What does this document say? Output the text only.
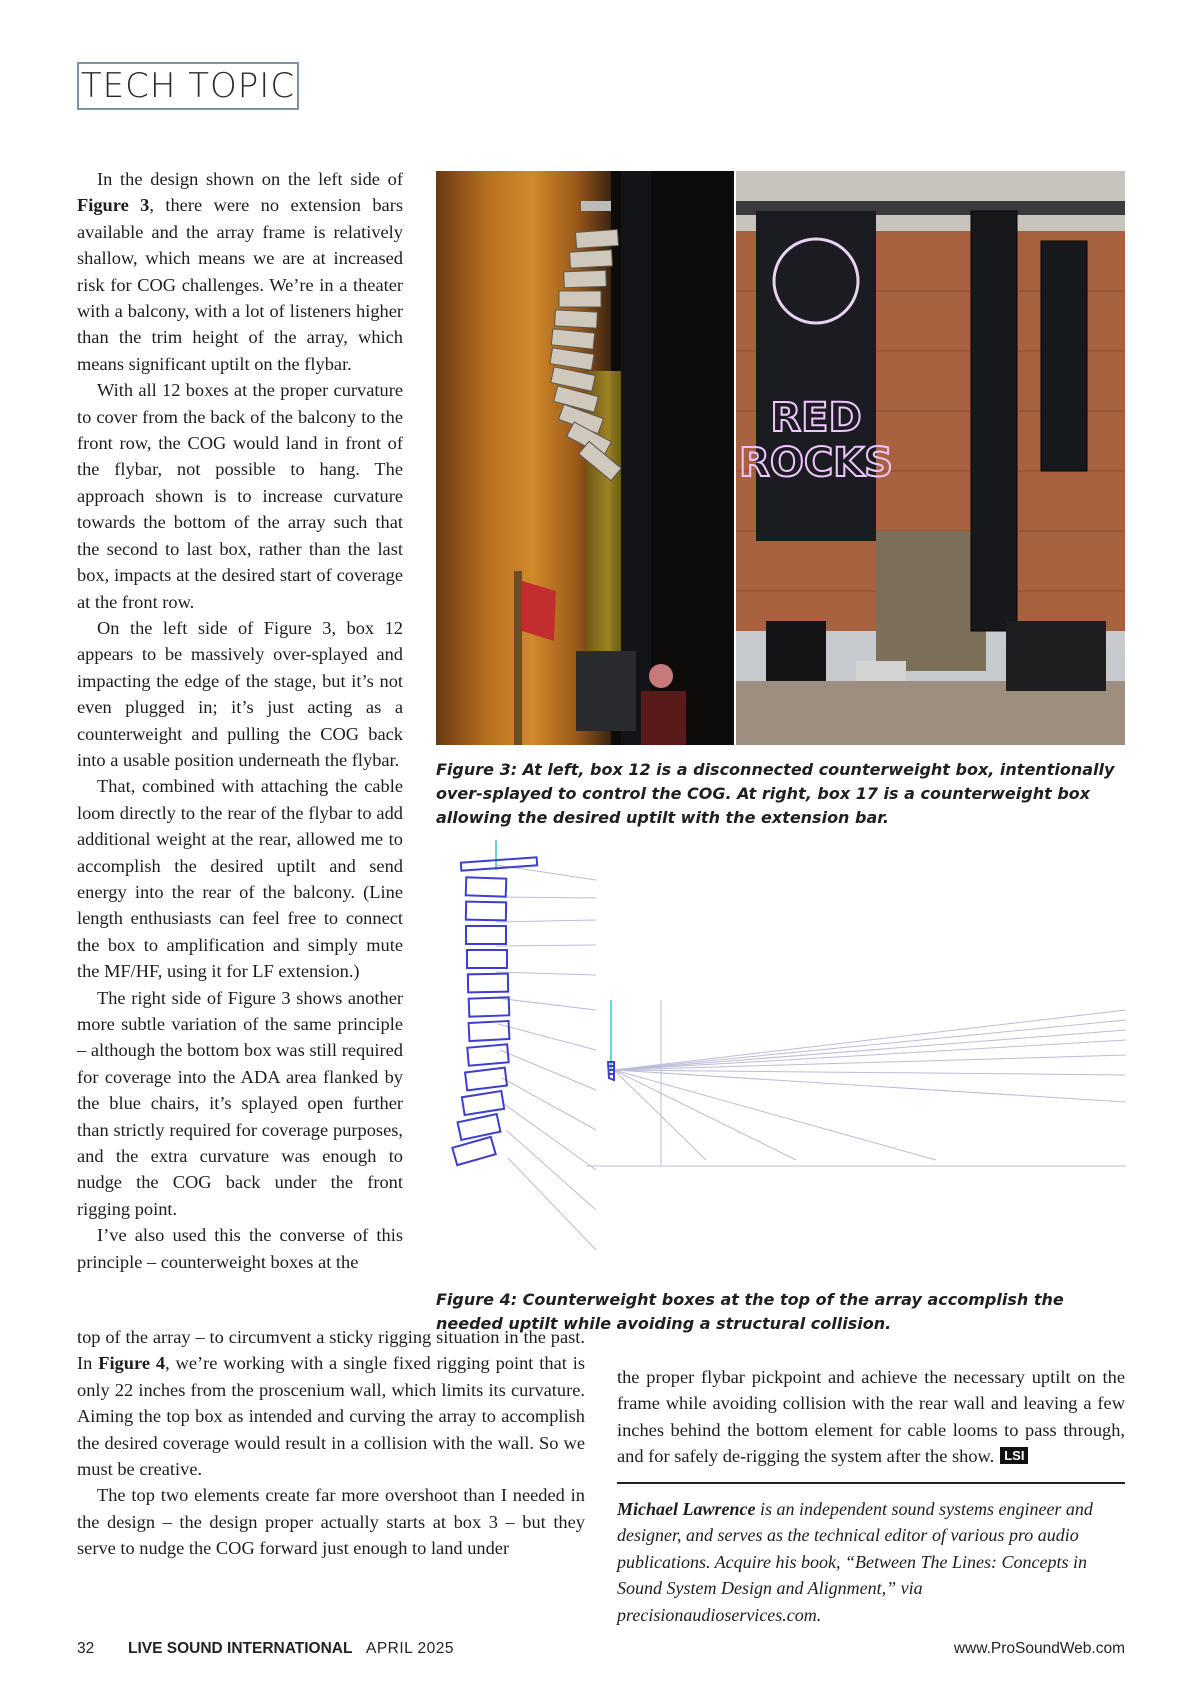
TECH TOPIC

In the design shown on the left side of Figure 3, there were no extension bars available and the array frame is relatively shallow, which means we are at increased risk for COG challenges. We’re in a theater with a balcony, with a lot of listeners higher than the trim height of the array, which means significant uptilt on the flybar.

With all 12 boxes at the proper curvature to cover from the back of the balcony to the front row, the COG would land in front of the flybar, not possible to hang. The approach shown is to increase curvature towards the bottom of the array such that the second to last box, rather than the last box, impacts at the desired start of coverage at the front row.

On the left side of Figure 3, box 12 appears to be massively over-splayed and impacting the edge of the stage, but it’s not even plugged in; it’s just acting as a counterweight and pulling the COG back into a usable position underneath the flybar.

That, combined with attaching the cable loom directly to the rear of the flybar to add additional weight at the rear, allowed me to accomplish the desired uptilt and send energy into the rear of the balcony. (Line length enthusiasts can feel free to connect the box to amplification and simply mute the MF/HF, using it for LF extension.)

The right side of Figure 3 shows another more subtle variation of the same principle – although the bottom box was still required for coverage into the ADA area flanked by the blue chairs, it’s splayed open further than strictly required for coverage purposes, and the extra curvature was enough to nudge the COG back under the front rigging point.

I’ve also used this the converse of this principle – counterweight boxes at the

RED
ROCKS
Figure 3: At left, box 12 is a disconnected counterweight box, intentionally over-splayed to control the COG. At right, box 17 is a counterweight box allowing the desired uptilt with the extension bar.
Figure 4: Counterweight boxes at the top of the array accomplish the needed uptilt while avoiding a structural collision.

top of the array – to circumvent a sticky rigging situation in the past. In Figure 4, we’re working with a single fixed rigging point that is only 22 inches from the proscenium wall, which limits its curvature. Aiming the top box as intended and curving the array to accomplish the desired coverage would result in a collision with the wall. So we must be creative.

The top two elements create far more overshoot than I needed in the design – the design proper actually starts at box 3 – but they serve to nudge the COG forward just enough to land under

the proper flybar pickpoint and achieve the necessary uptilt on the frame while avoiding collision with the rear wall and leaving a few inches behind the bottom element for cable looms to pass through, and for safely de-rigging the system after the show. LSI

Michael Lawrence is an independent sound systems engineer and designer, and serves as the technical editor of various pro audio publications. Acquire his book, “Between The Lines: Concepts in Sound System Design and Alignment,” via precisionaudioservices.com.
32 LIVE SOUND INTERNATIONAL APRIL 2025	www.ProSoundWeb.com
